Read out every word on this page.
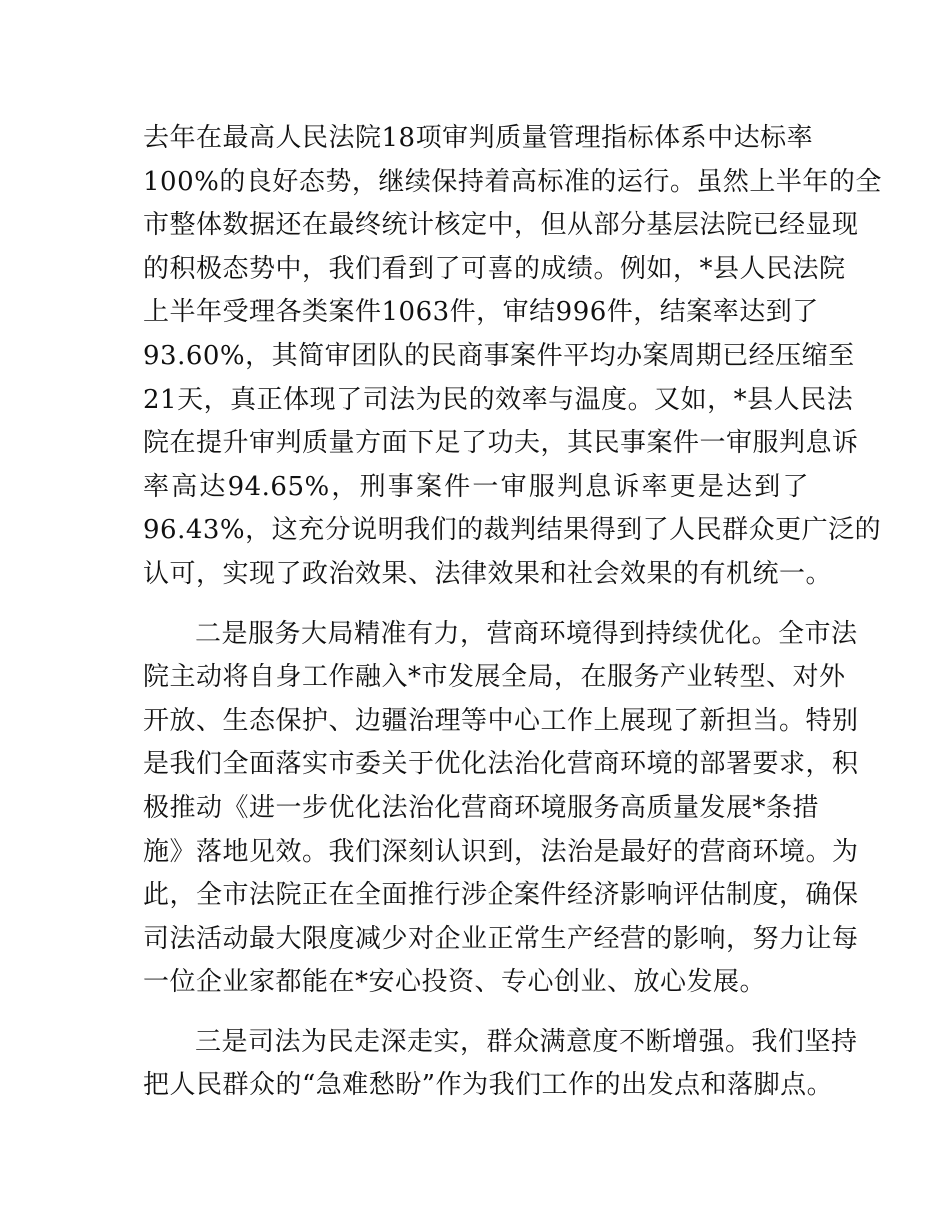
去年在最高人民法院18项审判质量管理指标体系中达标率
100%的良好态势，继续保持着高标准的运行。虽然上半年的全
市整体数据还在最终统计核定中，但从部分基层法院已经显现
的积极态势中，我们看到了可喜的成绩。例如，*县人民法院
上半年受理各类案件1063件，审结996件，结案率达到了
93.60%，其简审团队的民商事案件平均办案周期已经压缩至
21天，真正体现了司法为民的效率与温度。又如，*县人民法
院在提升审判质量方面下足了功夫，其民事案件一审服判息诉
率高达94.65%，刑事案件一审服判息诉率更是达到了
96.43%，这充分说明我们的裁判结果得到了人民群众更广泛的
认可，实现了政治效果、法律效果和社会效果的有机统一。
二是服务大局精准有力，营商环境得到持续优化。全市法
院主动将自身工作融入*市发展全局，在服务产业转型、对外
开放、生态保护、边疆治理等中心工作上展现了新担当。特别
是我们全面落实市委关于优化法治化营商环境的部署要求，积
极推动《进一步优化法治化营商环境服务高质量发展*条措
施》落地见效。我们深刻认识到，法治是最好的营商环境。为
此，全市法院正在全面推行涉企案件经济影响评估制度，确保
司法活动最大限度减少对企业正常生产经营的影响，努力让每
一位企业家都能在*安心投资、专心创业、放心发展。
三是司法为民走深走实，群众满意度不断增强。我们坚持
把人民群众的“急难愁盼”作为我们工作的出发点和落脚点。
